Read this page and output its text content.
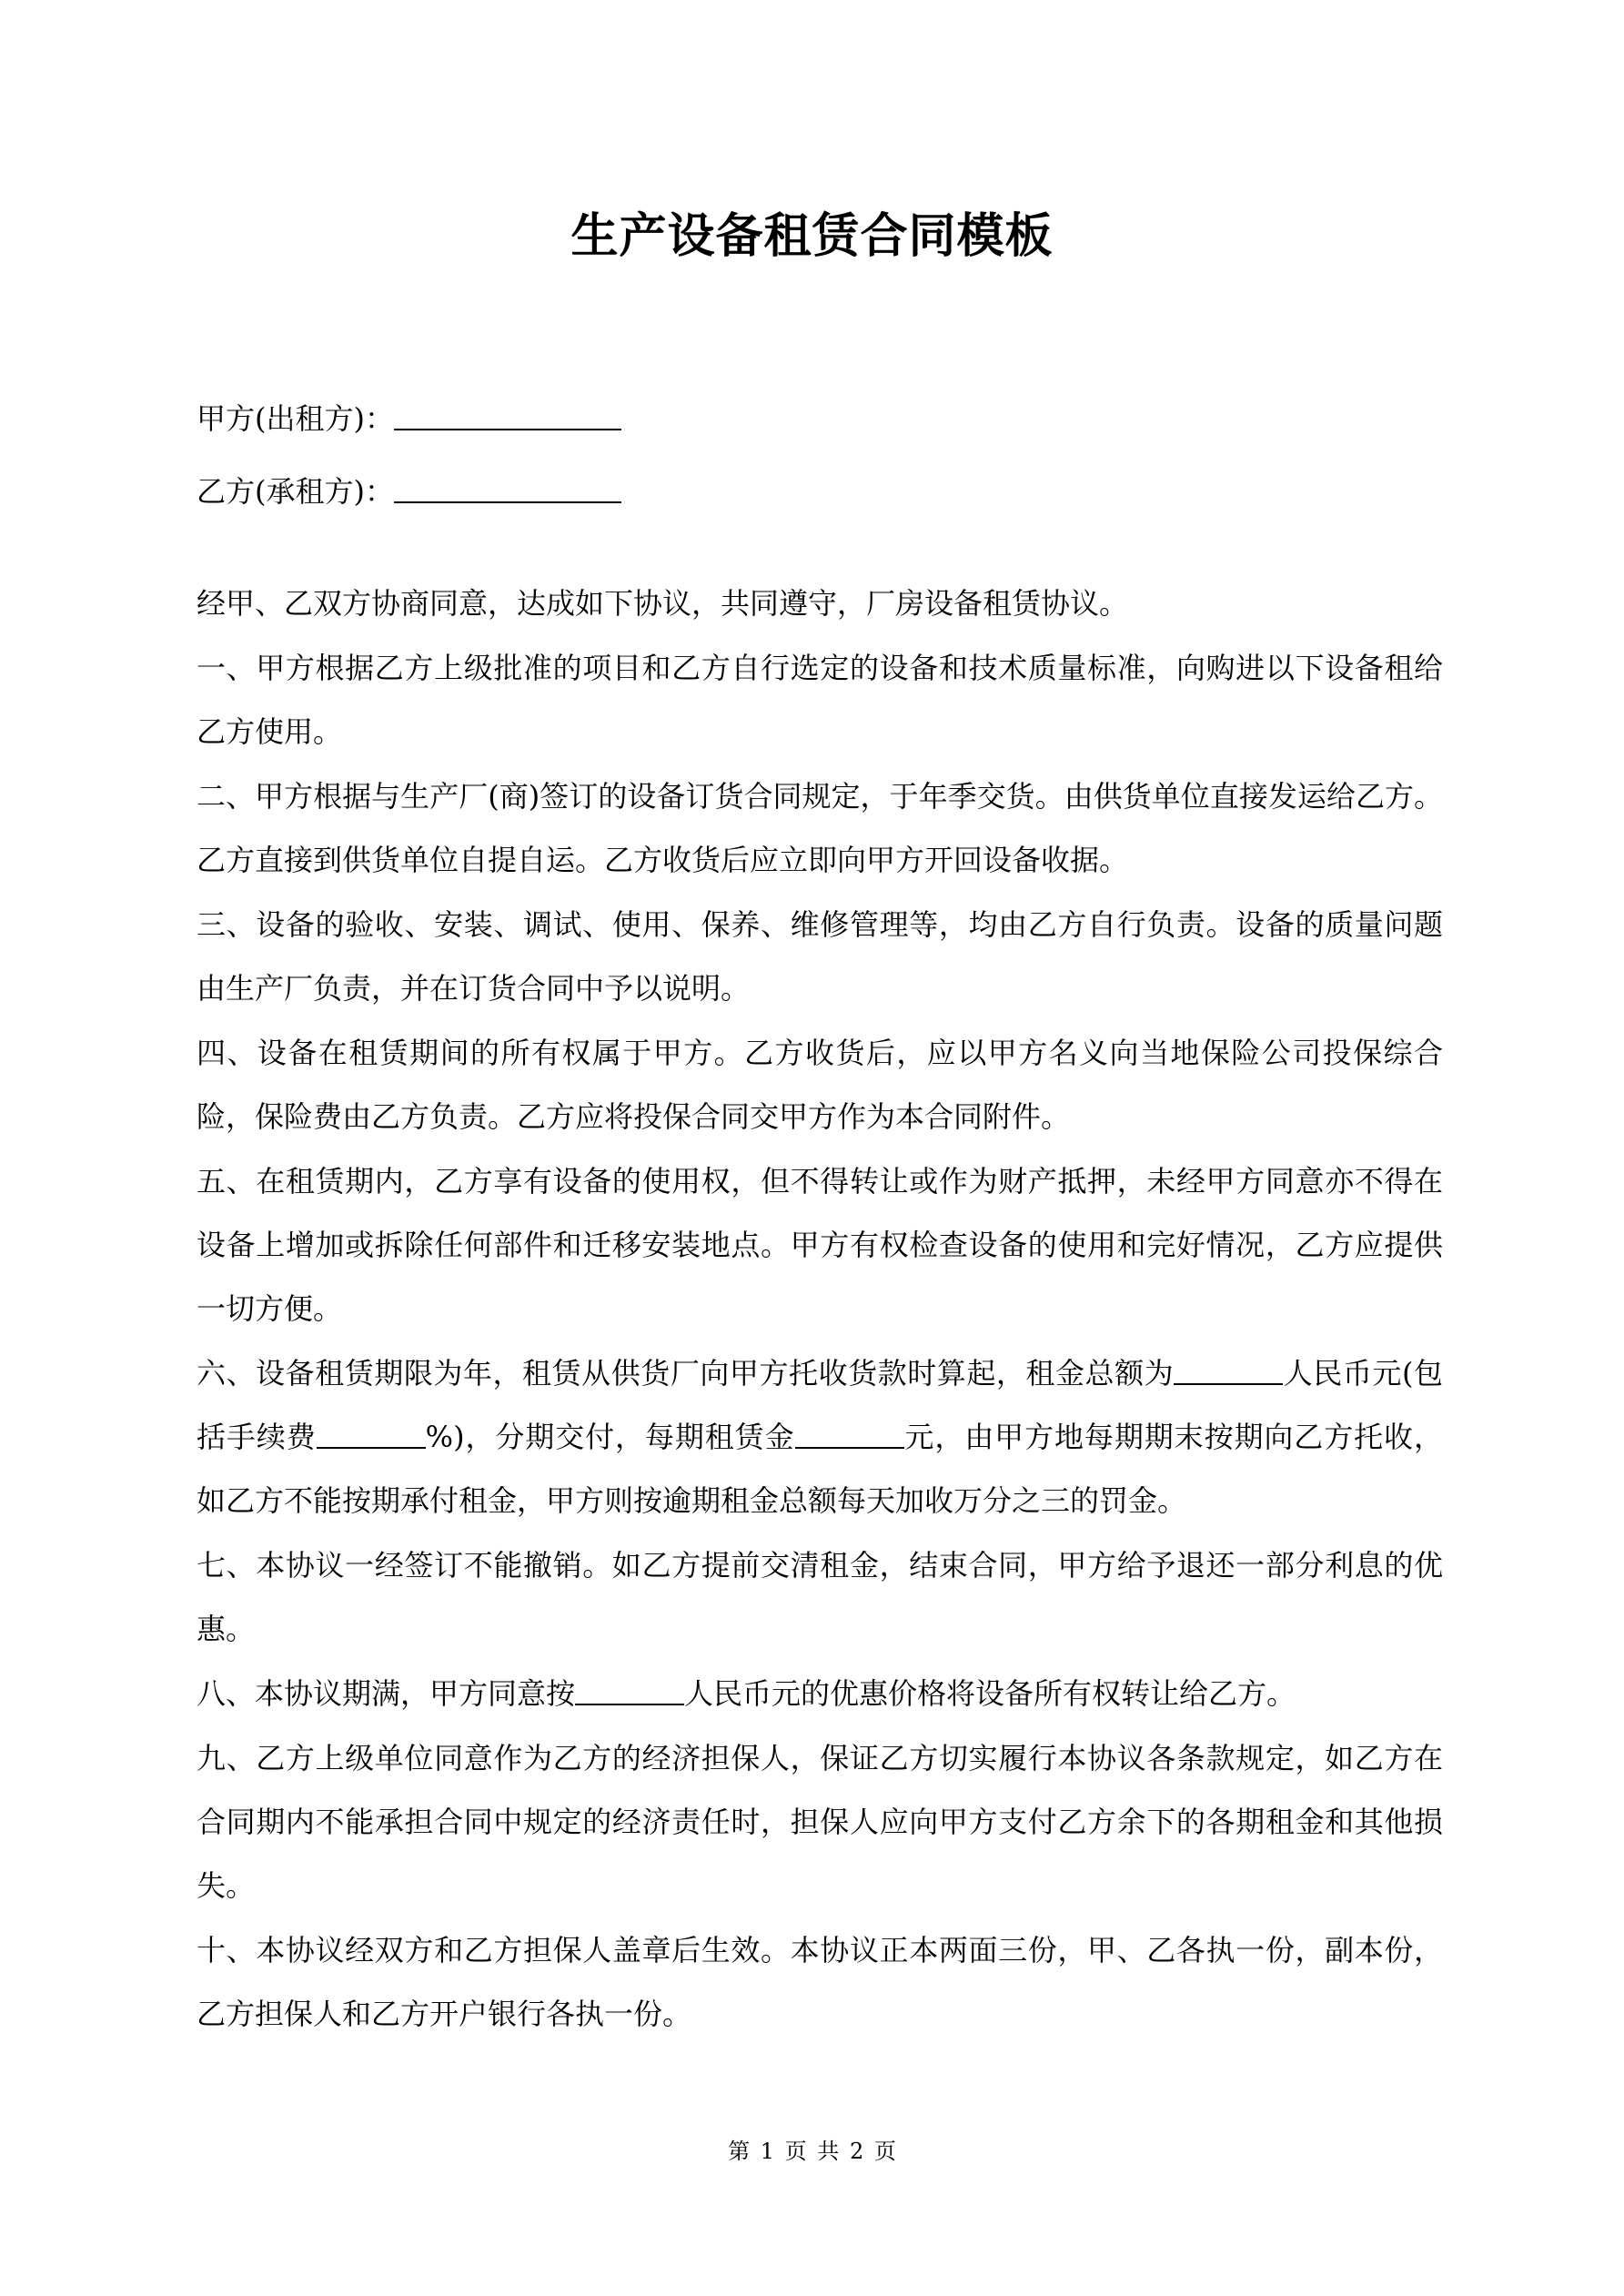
生产设备租赁合同模板
甲方(出租方)：
乙方(承租方)：

经甲、乙双方协商同意，达成如下协议，共同遵守，厂房设备租赁协议。

一、甲方根据乙方上级批准的项目和乙方自行选定的设备和技术质量标准，向购进以下设备租给乙方使用。

二、甲方根据与生产厂(商)签订的设备订货合同规定，于年季交货。由供货单位直接发运给乙方。乙方直接到供货单位自提自运。乙方收货后应立即向甲方开回设备收据。

三、设备的验收、安装、调试、使用、保养、维修管理等，均由乙方自行负责。设备的质量问题由生产厂负责，并在订货合同中予以说明。

四、设备在租赁期间的所有权属于甲方。乙方收货后，应以甲方名义向当地保险公司投保综合险，保险费由乙方负责。乙方应将投保合同交甲方作为本合同附件。

五、在租赁期内，乙方享有设备的使用权，但不得转让或作为财产抵押，未经甲方同意亦不得在设备上增加或拆除任何部件和迁移安装地点。甲方有权检查设备的使用和完好情况，乙方应提供一切方便。

六、设备租赁期限为年，租赁从供货厂向甲方托收货款时算起，租金总额为	人民币元(包括手续费	%)，分期交付，每期租赁金	元，由甲方地每期期末按期向乙方托收，如乙方不能按期承付租金，甲方则按逾期租金总额每天加收万分之三的罚金。

七、本协议一经签订不能撤销。如乙方提前交清租金，结束合同，甲方给予退还一部分利息的优惠。

八、本协议期满，甲方同意按	人民币元的优惠价格将设备所有权转让给乙方。

九、乙方上级单位同意作为乙方的经济担保人，保证乙方切实履行本协议各条款规定，如乙方在合同期内不能承担合同中规定的经济责任时，担保人应向甲方支付乙方余下的各期租金和其他损失。

十、本协议经双方和乙方担保人盖章后生效。本协议正本两面三份，甲、乙各执一份，副本份，乙方担保人和乙方开户银行各执一份。

第 1 页 共 2 页
